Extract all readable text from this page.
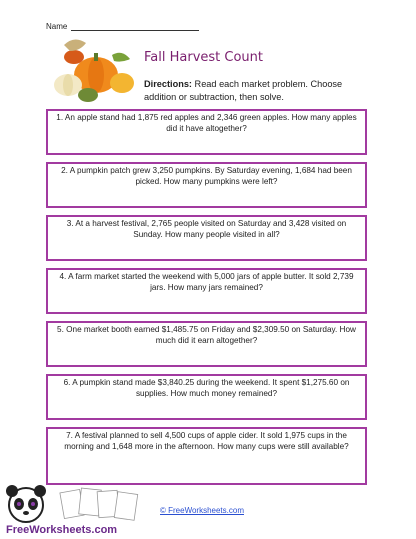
Name
Fall Harvest Count
Directions: Read each market problem. Choose addition or subtraction, then solve.
1. An apple stand had 1,875 red apples and 2,346 green apples. How many apples did it have altogether?
2. A pumpkin patch grew 3,250 pumpkins. By Saturday evening, 1,684 had been picked. How many pumpkins were left?
3. At a harvest festival, 2,765 people visited on Saturday and 3,428 visited on Sunday. How many people visited in all?
4. A farm market started the weekend with 5,000 jars of apple butter. It sold 2,739 jars. How many jars remained?
5. One market booth earned $1,485.75 on Friday and $2,309.50 on Saturday. How much did it earn altogether?
6. A pumpkin stand made $3,840.25 during the weekend. It spent $1,275.60 on supplies. How much money remained?
7. A festival planned to sell 4,500 cups of apple cider. It sold 1,975 cups in the morning and 1,648 more in the afternoon. How many cups were still available?
FreeWorksheets.com
© FreeWorksheets.com
